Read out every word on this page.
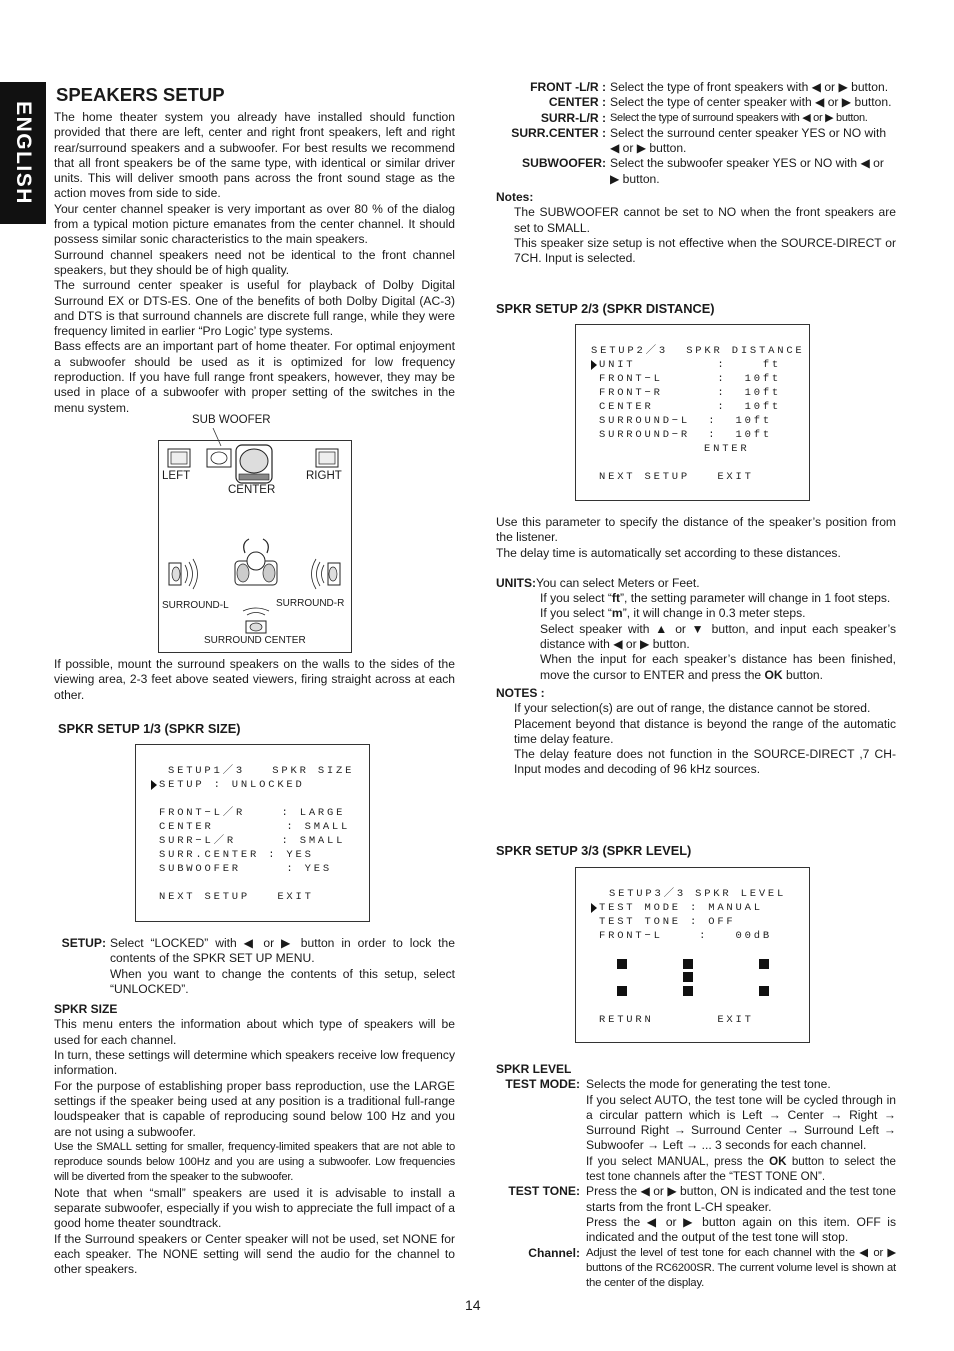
ENGLISH
SPEAKERS SETUP

The home theater system you already have installed should function provided that there are left, center and right front speakers, left and right rear/surround speakers and a subwoofer. For best results we recommend that all front speakers be of the same type, with identical or similar driver units. This will deliver smooth pans across the front sound stage as the action moves from side to side.

Your center channel speaker is very important as over 80 % of the dialog from a typical motion picture emanates from the center channel. It should possess similar sonic characteristics to the main speakers.

Surround channel speakers need not be identical to the front channel speakers, but they should be of high quality.

The surround center speaker is useful for playback of Dolby Digital Surround EX or DTS-ES. One of the benefits of both Dolby Digital (AC-3) and DTS is that surround channels are discrete full range, while they were frequency limited in earlier “Pro Logic’ type systems.

Bass effects are an important part of home theater. For optimal enjoyment a subwoofer should be used as it is optimized for low frequency reproduction. If you have full range front speakers, however, they may be used in place of a subwoofer with proper setting of the switches in the menu system.

SUB WOOFER
LEFT	RIGHT
CENTER
SURROUND-L	SURROUND-R
SURROUND CENTER

If possible, mount the surround speakers on the walls to the sides of the viewing area, 2-3 feet above seated viewers, firing straight across at each other.

SPKR SETUP 1/3 (SPKR SIZE)
SETUP1／3   SPKR SIZE
SETUP : UNLOCKED
FRONT−L／R    : LARGE
CENTER        : SMALL
SURR−L／R     : SMALL
SURR.CENTER : YES
SUBWOOFER     : YES
NEXT SETUP   EXIT
SETUP: Select “LOCKED” with ◀ or ▶ button in order to lock the contents of the SPKR SET UP MENU.

When you want to change the contents of this setup, select “UNLOCKED”.

SPKR SIZE

This menu enters the information about which type of speakers will be used for each channel.

In turn, these settings will determine which speakers receive low frequency information.

For the purpose of establishing proper bass reproduction, use the LARGE settings if the speaker being used at any position is a traditional full-range loudspeaker that is capable of reproducing sound below 100 Hz and you are not using a subwoofer.

Use the SMALL setting for smaller, frequency-limited speakers that are not able to reproduce sounds below 100Hz and you are using a subwoofer. Low frequencies will be diverted from the speaker to the subwoofer.

Note that when “small” speakers are used it is advisable to install a separate subwoofer, especially if you wish to appreciate the full impact of a good home theater soundtrack.

If the Surround speakers or Center speaker will not be used, set NONE for each speaker. The NONE setting will send the audio for the channel to other speakers.

FRONT -L/R : Select the type of front speakers with ◀ or ▶ button.
CENTER : Select the type of center speaker with ◀ or ▶ button.
SURR-L/R : Select the type of surround speakers with ◀ or ▶ button.
SURR.CENTER : Select the surround center speaker YES or NO with ◀ or ▶ button.
SUBWOOFER: Select the subwoofer speaker YES or NO with ◀ or ▶ button.
Notes:

The SUBWOOFER cannot be set to NO when the front speakers are set to SMALL.

This speaker size setup is not effective when the SOURCE-DIRECT or 7CH. Input is selected.

SPKR SETUP 2/3 (SPKR DISTANCE)
SETUP2／3  SPKR DISTANCE
UNIT         :    ft
FRONT−L      :  10ft
FRONT−R      :  10ft
CENTER       :  10ft
SURROUND−L  :  10ft
SURROUND−R  :  10ft
ENTER
NEXT SETUP   EXIT

Use this parameter to specify the distance of the speaker’s position from the listener.

The delay time is automatically set according to these distances.

UNITS:You can select Meters or Feet.

If you select “ft”, the setting parameter will change in 1 foot steps.

If you select “m”, it will change in 0.3 meter steps.

Select speaker with ▲ or ▼ button, and input each speaker’s distance with ◀ or ▶ button.

When the input for each speaker’s distance has been finished, move the cursor to ENTER and press the OK button.

NOTES :

If your selection(s) are out of range, the distance cannot be stored.

Placement beyond that distance is beyond the range of the automatic time delay feature.

The delay feature does not function in the SOURCE-DIRECT ,7 CH-Input modes and decoding of 96 kHz sources.

SPKR SETUP 3/3 (SPKR LEVEL)
SETUP3／3 SPKR LEVEL
TEST MODE : MANUAL
TEST TONE : OFF
FRONT−L    :   00dB
RETURN       EXIT
SPKR LEVEL
TEST MODE: Selects the mode for generating the test tone.

If you select AUTO, the test tone will be cycled through in a circular pattern which is Left → Center → Right → Surround Right → Surround Center → Surround Left → Subwoofer → Left → ... 3 seconds for each channel.

If you select MANUAL, press the OK button to select the test tone channels after the “TEST TONE ON”.

TEST TONE: Press the ◀ or ▶ button, ON is indicated and the test tone starts from the front L-CH speaker.

Press the ◀ or ▶ button again on this item. OFF is indicated and the output of the test tone will stop.

Channel: Adjust the level of test tone for each channel with the ◀ or ▶ buttons of the RC6200SR. The current volume level is shown at the center of the display.

14
